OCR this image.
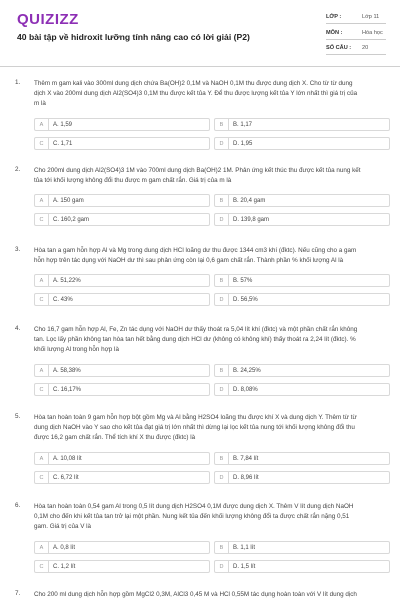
QUIZIZZ
40 bài tập về hidroxit lưỡng tính nâng cao có lời giải (P2)
LỚP :	Lớp 11
MÔN :	Hóa học
SỐ CÂU : 20
1. Thêm m gam kali vào 300ml dung dịch chứa Ba(OH)2 0,1M và NaOH 0,1M thu được dung dịch X. Cho từ từ dung
dịch X vào 200ml dung dịch Al2(SO4)3 0,1M thu được kết tủa Y. Để thu được lượng kết tủa Y lớn nhất thì giá trị của
m là
A	A. 1,59	B	B. 1,17
C	C. 1,71	D	D. 1,95
2. Cho 200ml dung dịch Al2(SO4)3 1M vào 700ml dung dịch Ba(OH)2 1M. Phản ứng kết thúc thu được kết tủa nung kết
tủa tới khối lượng không đổi thu được m gam chất rắn. Giá trị của m là
A	A. 150 gam	B	B. 20,4 gam
C	C. 160,2 gam	D	D. 139,8 gam
3. Hòa tan a gam hỗn hợp Al và Mg trong dung dịch HCl loãng dư thu được 1344 cm3 khí (đktc). Nếu cũng cho a gam
hỗn hợp trên tác dụng với NaOH dư thì sau phản ứng còn lại 0,6 gam chất rắn. Thành phần % khối lượng Al là
A	A. 51,22%	B	B. 57%
C	C. 43%	D	D. 56,5%
4. Cho 16,7 gam hỗn hợp Al, Fe, Zn tác dụng với NaOH dư thấy thoát ra 5,04 lít khí (đktc) và một phần chất rắn không
tan. Lọc lấy phần không tan hòa tan hết bằng dung dịch HCl dư (không có không khí) thấy thoát ra 2,24 lít (đktc). %
khối lượng Al trong hỗn hợp là
A	A. 58,38%	B	B. 24,25%
C	C. 16,17%	D	D. 8,08%
5. Hòa tan hoàn toàn 9 gam hỗn hợp bột gồm Mg và Al bằng H2SO4 loãng thu được khí X và dung dịch Y. Thêm từ từ
dung dịch NaOH vào Y sao cho kết tủa đạt giá trị lớn nhất thì dừng lại lọc kết tủa nung tới khối lượng không đổi thu
được 16,2 gam chất rắn. Thể tích khí X thu được (đktc) là
A	A. 10,08 lít	B	B. 7,84 lít
C	C. 6,72 lít	D	D. 8,96 lít
6. Hòa tan hoàn toàn 0,54 gam Al trong 0,5 lít dung dịch H2SO4 0,1M được dung dịch X. Thêm V lít dung dịch NaOH
0,1M cho đến khi kết tủa tan trở lại một phần. Nung kết tủa đến khối lượng không đổi ta được chất rắn nặng 0,51
gam. Giá trị của V là
A	A. 0,8 lít	B	B. 1,1 lít
C	C. 1,2 lít	D	D. 1,5 lít
7. Cho 200 ml dung dịch hỗn hợp gồm MgCl2 0,3M, AlCl3 0,45 M và HCl 0,55M tác dụng hoàn toàn với V lít dung dịch
